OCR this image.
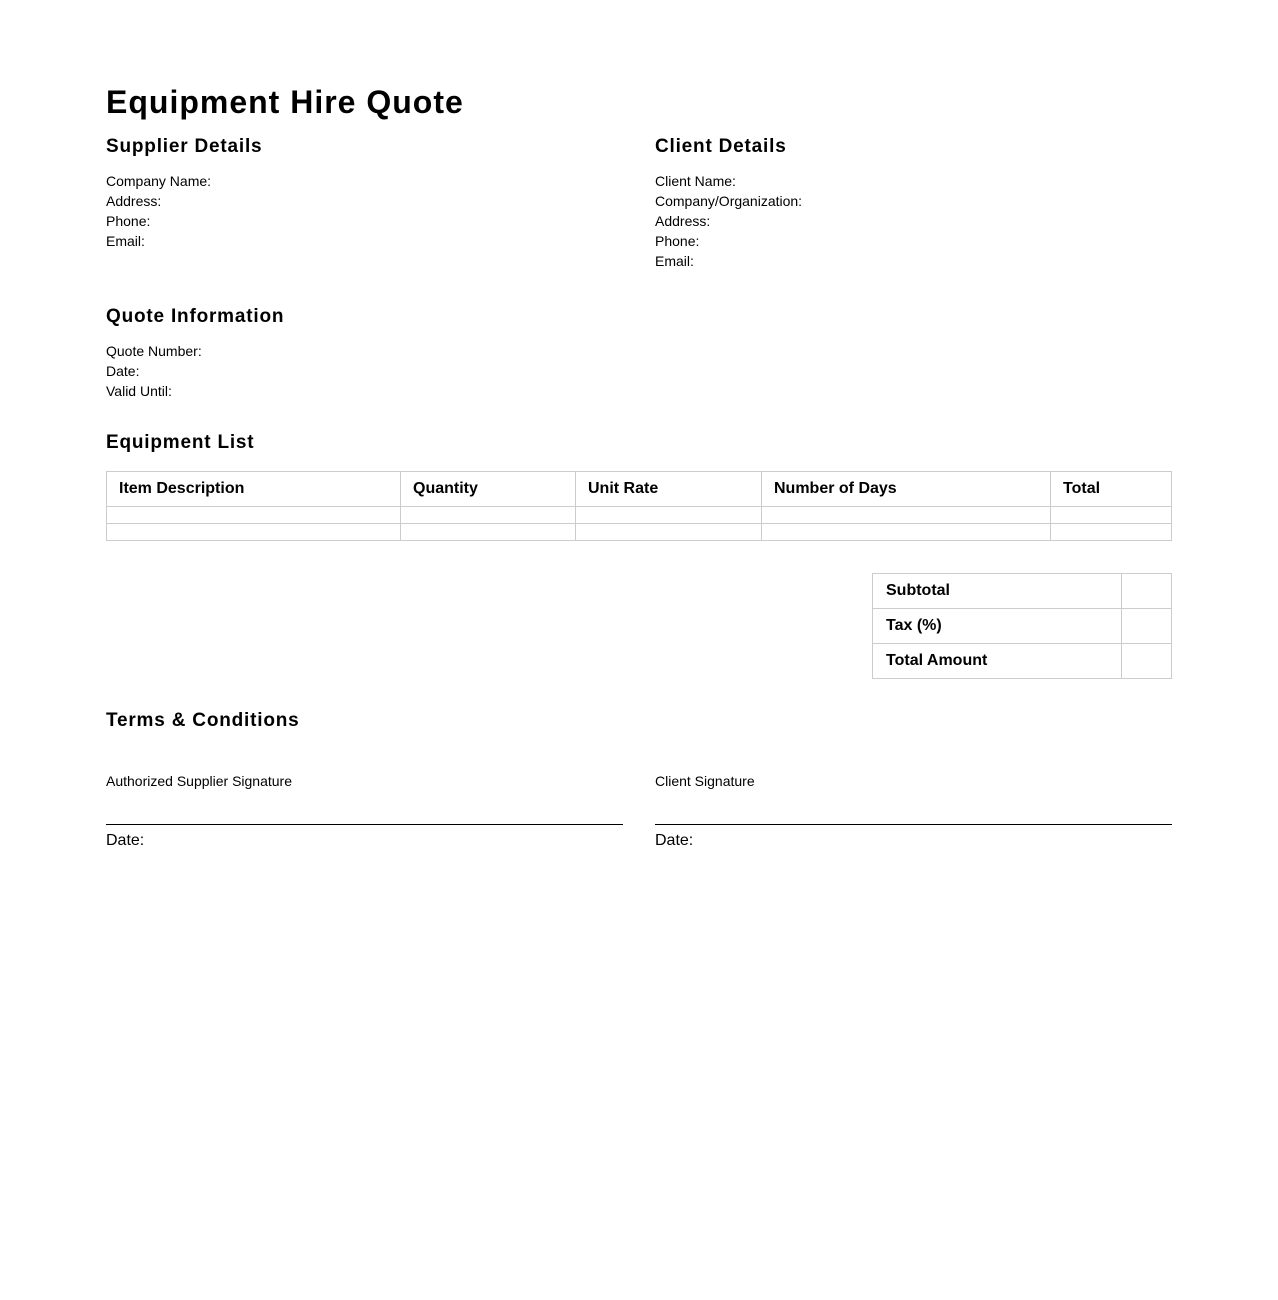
Equipment Hire Quote
Supplier Details
Company Name:
Address:
Phone:
Email:
Client Details
Client Name:
Company/Organization:
Address:
Phone:
Email:
Quote Information
Quote Number:
Date:
Valid Until:
Equipment List
Item Description	Quantity	Unit Rate	Number of Days	Total

Subtotal	
Tax (%)	
Total Amount	
Terms & Conditions
Authorized Supplier Signature
Date:
Client Signature
Date:
